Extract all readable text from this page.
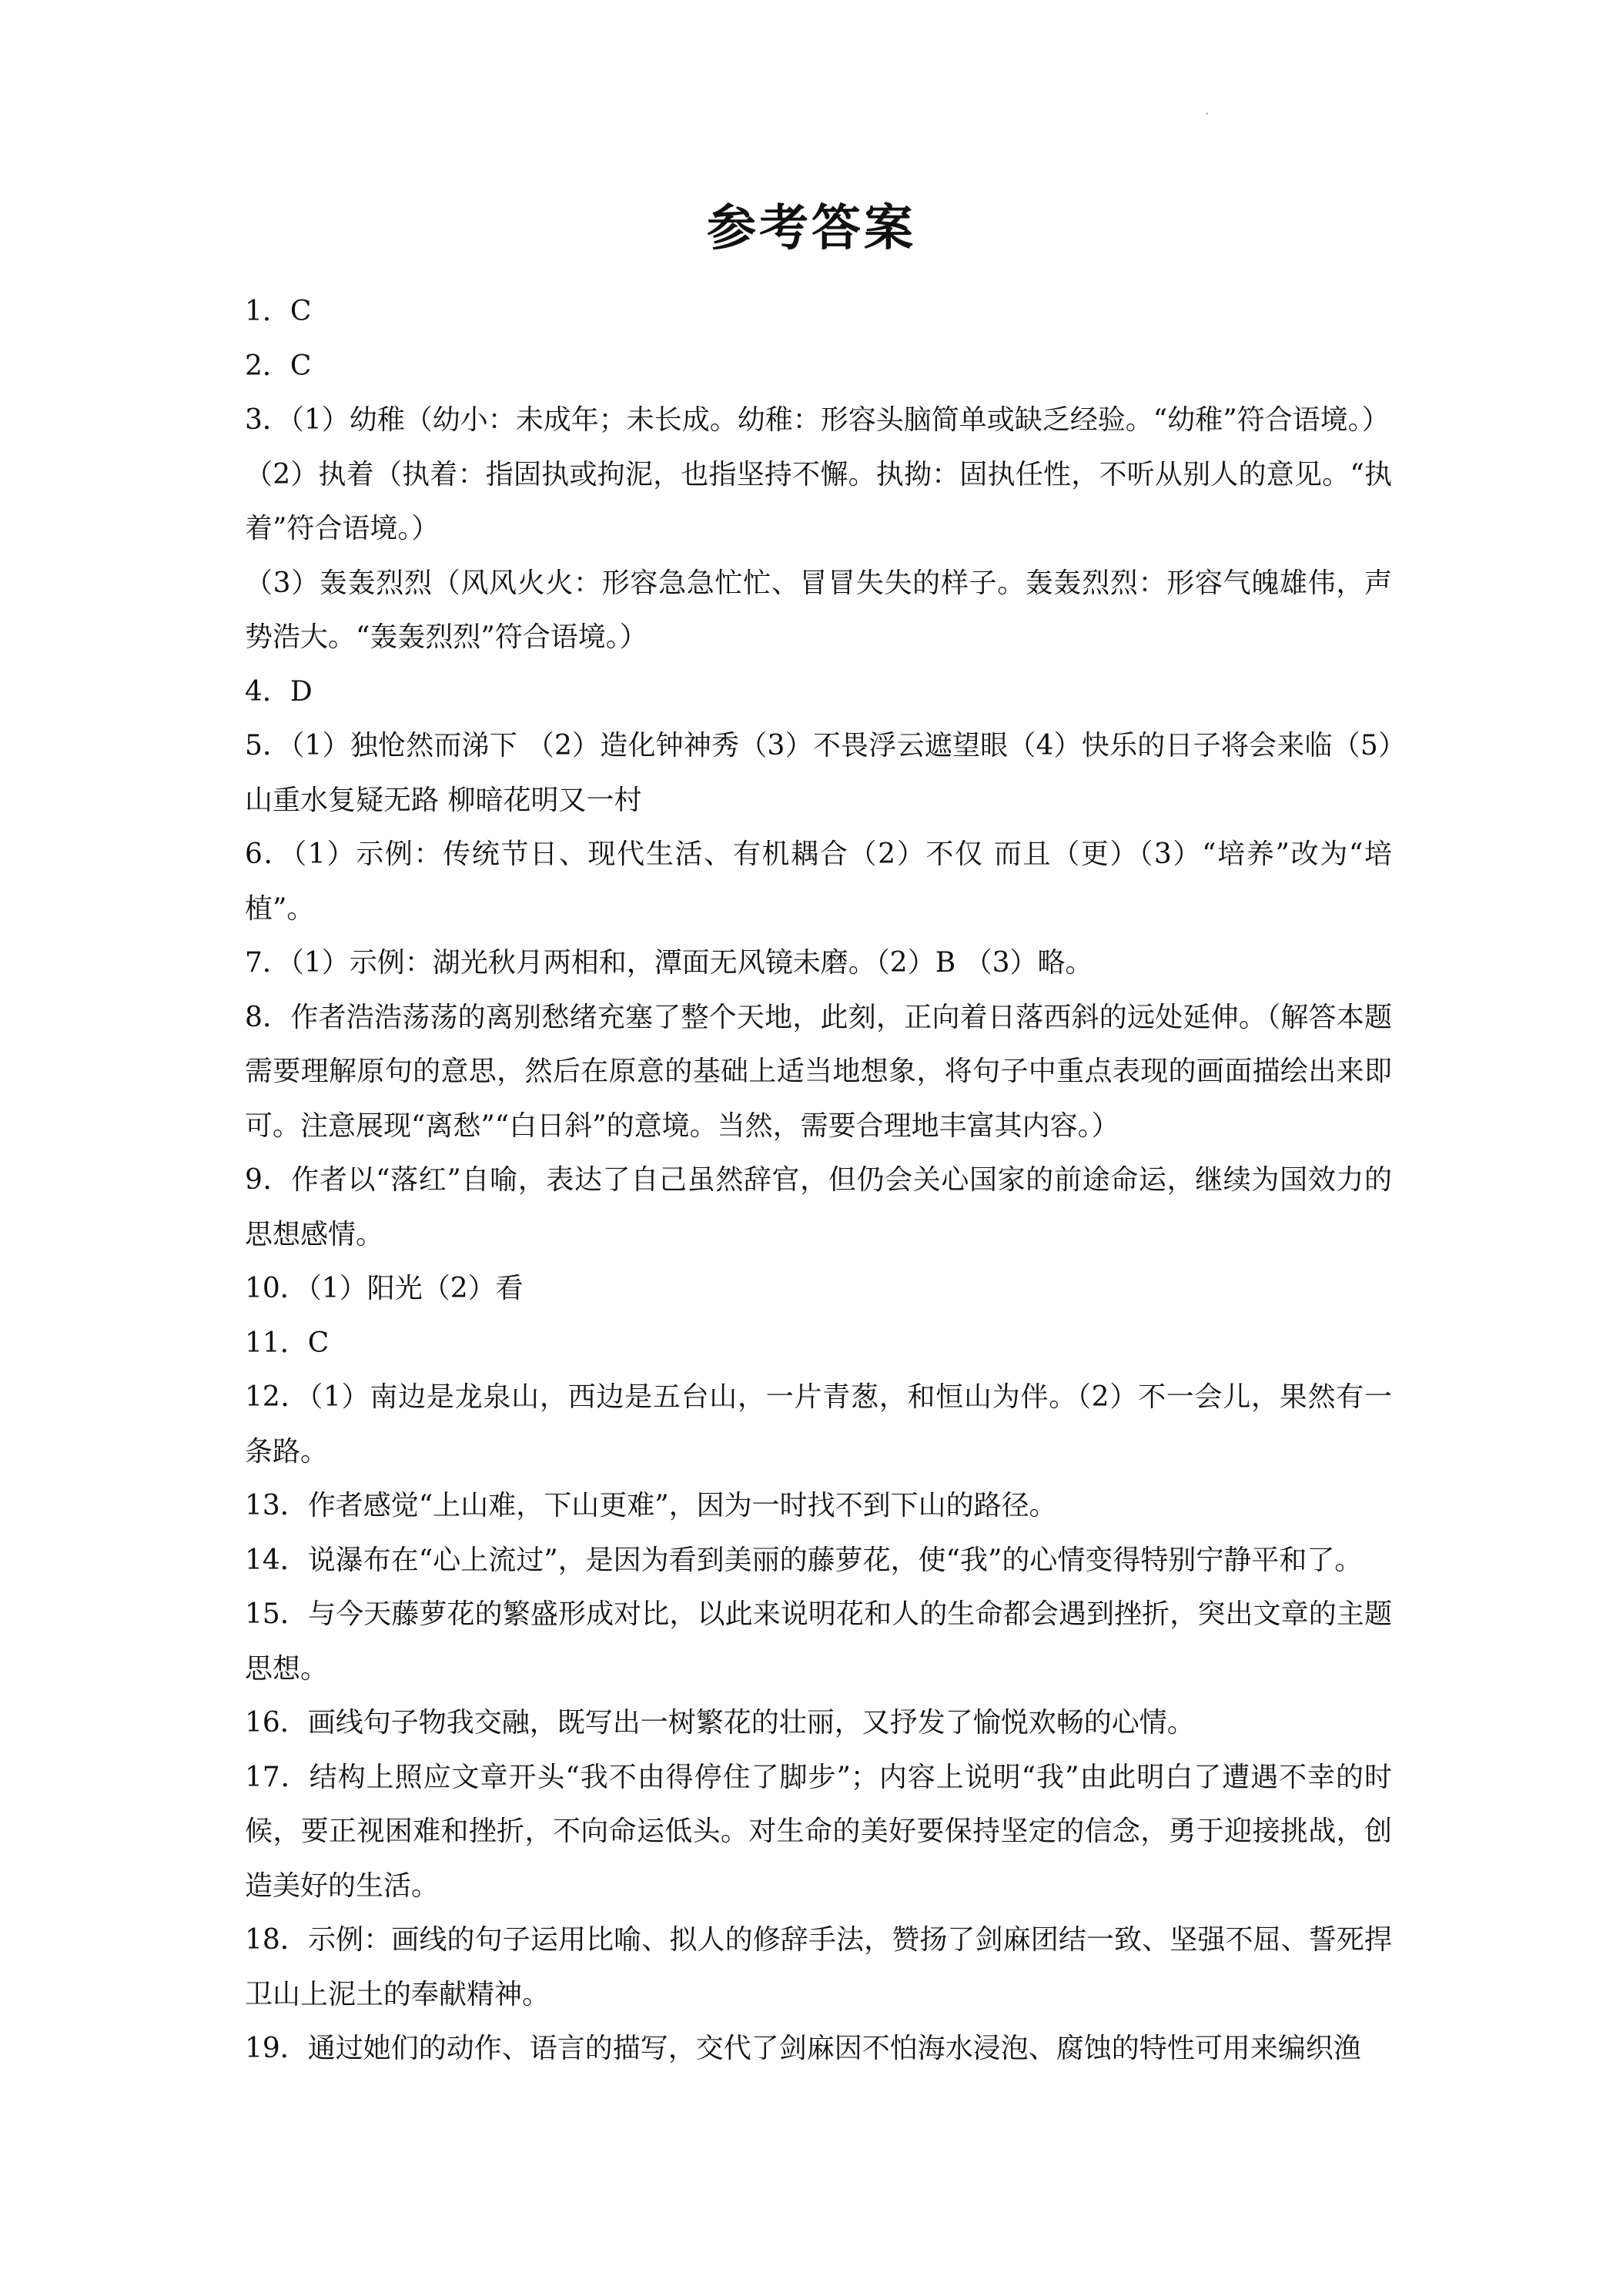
参考答案

1．C

2．C

3．（1）幼稚（幼小：未成年；未长成。幼稚：形容头脑简单或缺乏经验。“幼稚”符合语境。）

（2）执着（执着：指固执或拘泥，也指坚持不懈。执拗：固执任性，不听从别人的意见。“执着”符合语境。）

（3）轰轰烈烈（风风火火：形容急急忙忙、冒冒失失的样子。轰轰烈烈：形容气魄雄伟，声势浩大。“轰轰烈烈”符合语境。）

4．D

5．（1）独怆然而涕下 （2）造化钟神秀（3）不畏浮云遮望眼（4）快乐的日子将会来临（5）山重水复疑无路 柳暗花明又一村

6．（1）示例：传统节日、现代生活、有机耦合（2）不仅 而且（更）（3）“培养”改为“培植”。

7．（1）示例：湖光秋月两相和，潭面无风镜未磨。（2）B （3）略。

8．作者浩浩荡荡的离别愁绪充塞了整个天地，此刻，正向着日落西斜的远处延伸。（解答本题需要理解原句的意思，然后在原意的基础上适当地想象，将句子中重点表现的画面描绘出来即可。注意展现“离愁”“白日斜”的意境。当然，需要合理地丰富其内容。）

9．作者以“落红”自喻，表达了自己虽然辞官，但仍会关心国家的前途命运，继续为国效力的思想感情。

10．（1）阳光（2）看

11．C

12．（1）南边是龙泉山，西边是五台山，一片青葱，和恒山为伴。（2）不一会儿，果然有一条路。

13．作者感觉“上山难，下山更难”，因为一时找不到下山的路径。

14．说瀑布在“心上流过”，是因为看到美丽的藤萝花，使“我”的心情变得特别宁静平和了。

15．与今天藤萝花的繁盛形成对比，以此来说明花和人的生命都会遇到挫折，突出文章的主题思想。

16．画线句子物我交融，既写出一树繁花的壮丽，又抒发了愉悦欢畅的心情。

17．结构上照应文章开头“我不由得停住了脚步”；内容上说明“我”由此明白了遭遇不幸的时候，要正视困难和挫折，不向命运低头。对生命的美好要保持坚定的信念，勇于迎接挑战，创造美好的生活。

18．示例：画线的句子运用比喻、拟人的修辞手法，赞扬了剑麻团结一致、坚强不屈、誓死捍卫山上泥土的奉献精神。

19．通过她们的动作、语言的描写，交代了剑麻因不怕海水浸泡、腐蚀的特性可用来编织渔
